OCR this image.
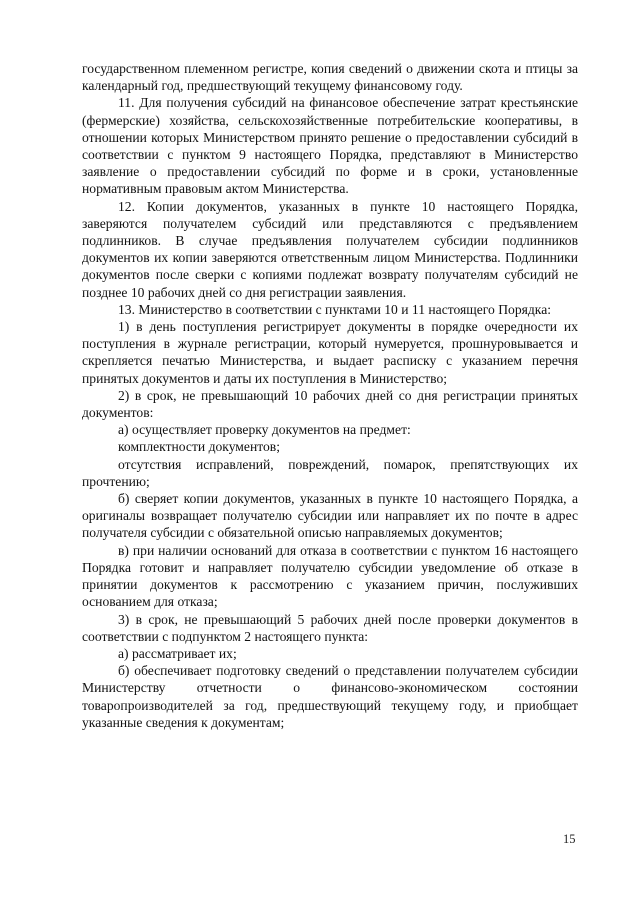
государственном племенном регистре, копия сведений о движении скота и птицы за календарный год, предшествующий текущему финансовому году.

11. Для получения субсидий на финансовое обеспечение затрат крестьянские (фермерские) хозяйства, сельскохозяйственные потребительские кооперативы, в отношении которых Министерством принято решение о предоставлении субсидий в соответствии с пунктом 9 настоящего Порядка, представляют в Министерство заявление о предоставлении субсидий по форме и в сроки, установленные нормативным правовым актом Министерства.

12. Копии документов, указанных в пункте 10 настоящего Порядка, заверяются получателем субсидий или представляются с предъявлением подлинников. В случае предъявления получателем субсидии подлинников документов их копии заверяются ответственным лицом Министерства. Подлинники документов после сверки с копиями подлежат возврату получателям субсидий не позднее 10 рабочих дней со дня регистрации заявления.

13. Министерство в соответствии с пунктами 10 и 11 настоящего Порядка:

1) в день поступления регистрирует документы в порядке очередности их поступления в журнале регистрации, который нумеруется, прошнуровывается и скрепляется печатью Министерства, и выдает расписку с указанием перечня принятых документов и даты их поступления в Министерство;

2) в срок, не превышающий 10 рабочих дней со дня регистрации принятых документов:

а) осуществляет проверку документов на предмет:

комплектности документов;

отсутствия исправлений, повреждений, помарок, препятствующих их прочтению;

б) сверяет копии документов, указанных в пункте 10 настоящего Порядка, а оригиналы возвращает получателю субсидии или направляет их по почте в адрес получателя субсидии с обязательной описью направляемых документов;

в) при наличии оснований для отказа в соответствии с пунктом 16 настоящего Порядка готовит и направляет получателю субсидии уведомление об отказе в принятии документов к рассмотрению с указанием причин, послуживших основанием для отказа;

3) в срок, не превышающий 5 рабочих дней после проверки документов в соответствии с подпунктом 2 настоящего пункта:

а) рассматривает их;

б) обеспечивает подготовку сведений о представлении получателем субсидии Министерству отчетности о финансово-экономическом состоянии товаропроизводителей за год, предшествующий текущему году, и приобщает указанные сведения к документам;

15
